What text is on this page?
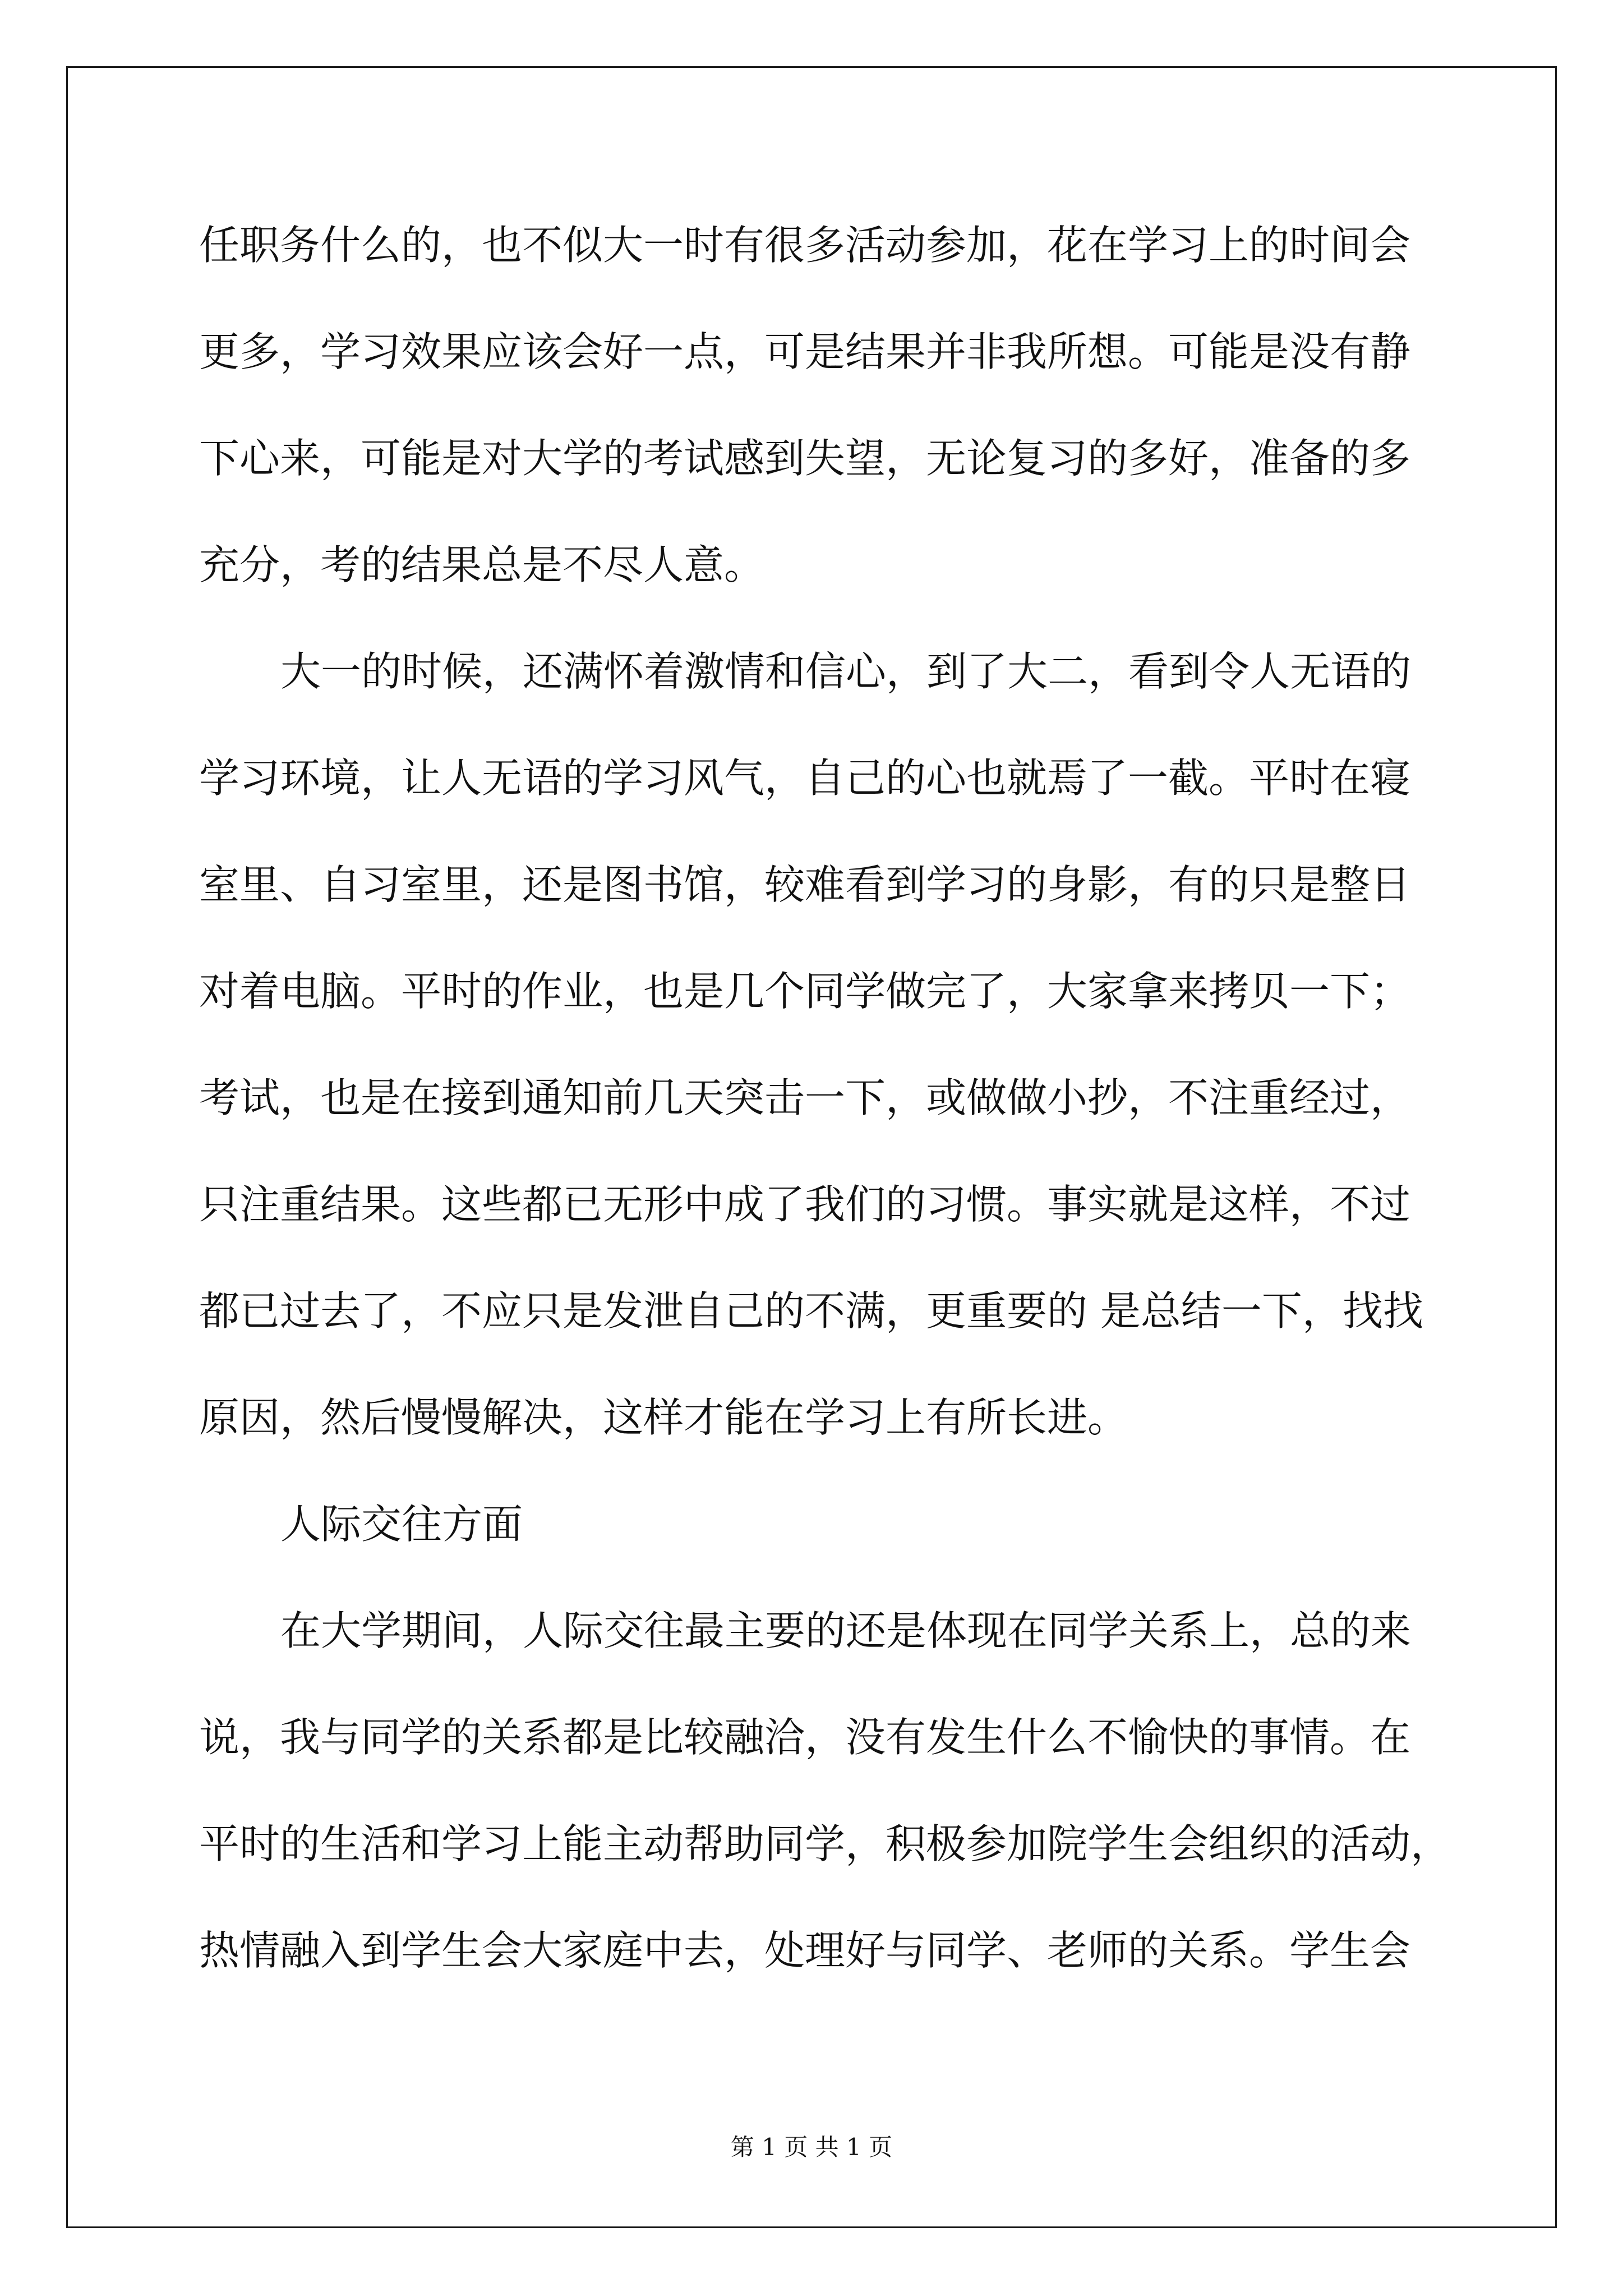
任职务什么的，也不似大一时有很多活动参加，花在学习上的时间会
更多，学习效果应该会好一点，可是结果并非我所想。可能是没有静
下心来，可能是对大学的考试感到失望，无论复习的多好，准备的多
充分，考的结果总是不尽人意。
大一的时候，还满怀着激情和信心，到了大二，看到令人无语的
学习环境，让人无语的学习风气，自己的心也就焉了一截。平时在寝
室里、自习室里，还是图书馆，较难看到学习的身影，有的只是整日
对着电脑。平时的作业，也是几个同学做完了，大家拿来拷贝一下；
考试，也是在接到通知前几天突击一下，或做做小抄，不注重经过，
只注重结果。这些都已无形中成了我们的习惯。事实就是这样，不过
都已过去了，不应只是发泄自己的不满，更重要的 是总结一下，找找
原因，然后慢慢解决，这样才能在学习上有所长进。
人际交往方面
在大学期间，人际交往最主要的还是体现在同学关系上，总的来
说，我与同学的关系都是比较融洽，没有发生什么不愉快的事情。在
平时的生活和学习上能主动帮助同学，积极参加院学生会组织的活动，
热情融入到学生会大家庭中去，处理好与同学、老师的关系。学生会
第 1 页 共 1 页
